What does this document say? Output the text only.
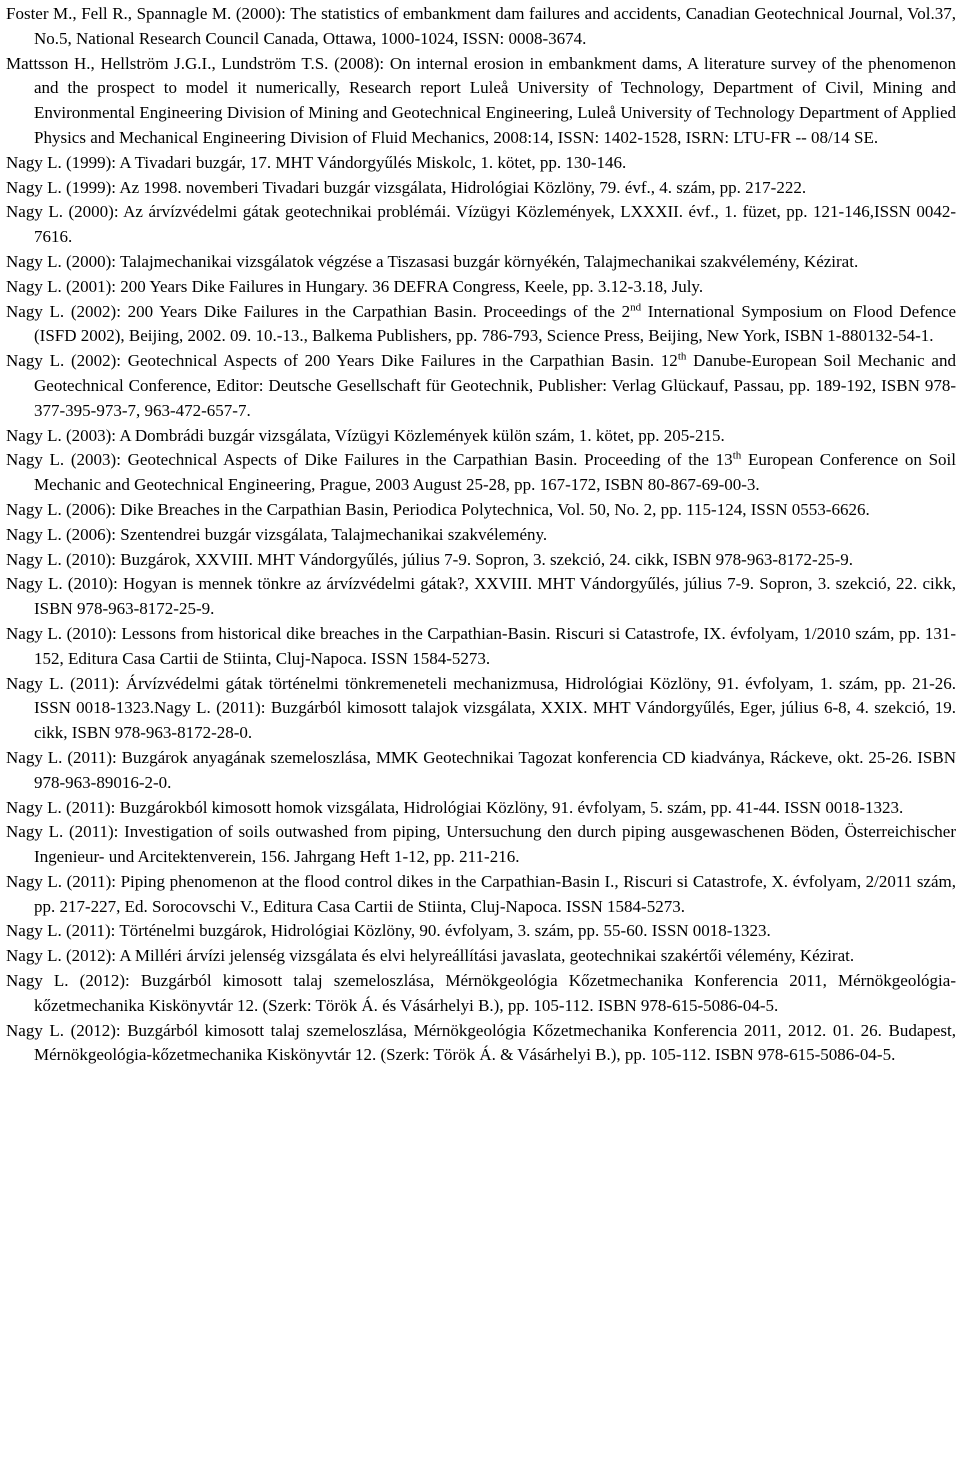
Foster M., Fell R., Spannagle M. (2000): The statistics of embankment dam failures and accidents, Canadian Geotechnical Journal, Vol.37, No.5, National Research Council Canada, Ottawa, 1000-1024, ISSN: 0008-3674.

Mattsson H., Hellström J.G.I., Lundström T.S. (2008): On internal erosion in embankment dams, A literature survey of the phenomenon and the prospect to model it numerically, Research report Luleå University of Technology, Department of Civil, Mining and Environmental Engineering Division of Mining and Geotechnical Engineering, Luleå University of Technology Department of Applied Physics and Mechanical Engineering Division of Fluid Mechanics, 2008:14, ISSN: 1402-1528, ISRN: LTU-FR -- 08/14 SE.

Nagy L. (1999): A Tivadari buzgár, 17. MHT Vándorgyűlés Miskolc, 1. kötet, pp. 130-146.

Nagy L. (1999): Az 1998. novemberi Tivadari buzgár vizsgálata, Hidrológiai Közlöny, 79. évf., 4. szám, pp. 217-222.

Nagy L. (2000): Az árvízvédelmi gátak geotechnikai problémái. Vízügyi Közlemények, LXXXII. évf., 1. füzet, pp. 121-146,ISSN 0042-7616.

Nagy L. (2000): Talajmechanikai vizsgálatok végzése a Tiszasasi buzgár környékén, Talajmechanikai szakvélemény, Kézirat.

Nagy L. (2001): 200 Years Dike Failures in Hungary. 36 DEFRA Congress, Keele, pp. 3.12-3.18, July.

Nagy L. (2002): 200 Years Dike Failures in the Carpathian Basin. Proceedings of the 2nd International Symposium on Flood Defence (ISFD 2002), Beijing, 2002. 09. 10.-13., Balkema Publishers, pp. 786-793, Science Press, Beijing, New York, ISBN 1-880132-54-1.

Nagy L. (2002): Geotechnical Aspects of 200 Years Dike Failures in the Carpathian Basin. 12th Danube-European Soil Mechanic and Geotechnical Conference, Editor: Deutsche Gesellschaft für Geotechnik, Publisher: Verlag Glückauf, Passau, pp. 189-192, ISBN 978-377-395-973-7, 963-472-657-7.

Nagy L. (2003): A Dombrádi buzgár vizsgálata, Vízügyi Közlemények külön szám, 1. kötet, pp. 205-215.

Nagy L. (2003): Geotechnical Aspects of Dike Failures in the Carpathian Basin. Proceeding of the 13th European Conference on Soil Mechanic and Geotechnical Engineering, Prague, 2003 August 25-28, pp. 167-172, ISBN 80-867-69-00-3.

Nagy L. (2006): Dike Breaches in the Carpathian Basin, Periodica Polytechnica, Vol. 50, No. 2, pp. 115-124, ISSN 0553-6626.

Nagy L. (2006): Szentendrei buzgár vizsgálata, Talajmechanikai szakvélemény.

Nagy L. (2010): Buzgárok, XXVIII. MHT Vándorgyűlés, július 7-9. Sopron, 3. szekció, 24. cikk, ISBN 978-963-8172-25-9.

Nagy L. (2010): Hogyan is mennek tönkre az árvízvédelmi gátak?, XXVIII. MHT Vándorgyűlés, július 7-9. Sopron, 3. szekció, 22. cikk, ISBN 978-963-8172-25-9.

Nagy L. (2010): Lessons from historical dike breaches in the Carpathian-Basin. Riscuri si Catastrofe, IX. évfolyam, 1/2010 szám, pp. 131-152, Editura Casa Cartii de Stiinta, Cluj-Napoca. ISSN 1584-5273.

Nagy L. (2011): Árvízvédelmi gátak történelmi tönkremeneteli mechanizmusa, Hidrológiai Közlöny, 91. évfolyam, 1. szám, pp. 21-26. ISSN 0018-1323.Nagy L. (2011): Buzgárból kimosott talajok vizsgálata, XXIX. MHT Vándorgyűlés, Eger, július 6-8, 4. szekció, 19. cikk, ISBN 978-963-8172-28-0.

Nagy L. (2011): Buzgárok anyagának szemeloszlása, MMK Geotechnikai Tagozat konferencia CD kiadványa, Ráckeve, okt. 25-26. ISBN 978-963-89016-2-0.

Nagy L. (2011): Buzgárokból kimosott homok vizsgálata, Hidrológiai Közlöny, 91. évfolyam, 5. szám, pp. 41-44. ISSN 0018-1323.

Nagy L. (2011): Investigation of soils outwashed from piping, Untersuchung den durch piping ausgewaschenen Böden, Österreichischer Ingenieur- und Arcitektenverein, 156. Jahrgang Heft 1-12, pp. 211-216.

Nagy L. (2011): Piping phenomenon at the flood control dikes in the Carpathian-Basin I., Riscuri si Catastrofe, X. évfolyam, 2/2011 szám, pp. 217-227, Ed. Sorocovschi V., Editura Casa Cartii de Stiinta, Cluj-Napoca. ISSN 1584-5273.

Nagy L. (2011): Történelmi buzgárok, Hidrológiai Közlöny, 90. évfolyam, 3. szám, pp. 55-60. ISSN 0018-1323.

Nagy L. (2012): A Milléri árvízi jelenség vizsgálata és elvi helyreállítási javaslata, geotechnikai szakértői vélemény, Kézirat.

Nagy L. (2012): Buzgárból kimosott talaj szemeloszlása, Mérnökgeológia Kőzetmechanika Konferencia 2011, Mérnökgeológia-kőzetmechanika Kiskönyvtár 12. (Szerk: Török Á. és Vásárhelyi B.), pp. 105-112. ISBN 978-615-5086-04-5.

Nagy L. (2012): Buzgárból kimosott talaj szemeloszlása, Mérnökgeológia Kőzetmechanika Konferencia 2011, 2012. 01. 26. Budapest, Mérnökgeológia-kőzetmechanika Kiskönyvtár 12. (Szerk: Török Á. & Vásárhelyi B.), pp. 105-112. ISBN 978-615-5086-04-5.
